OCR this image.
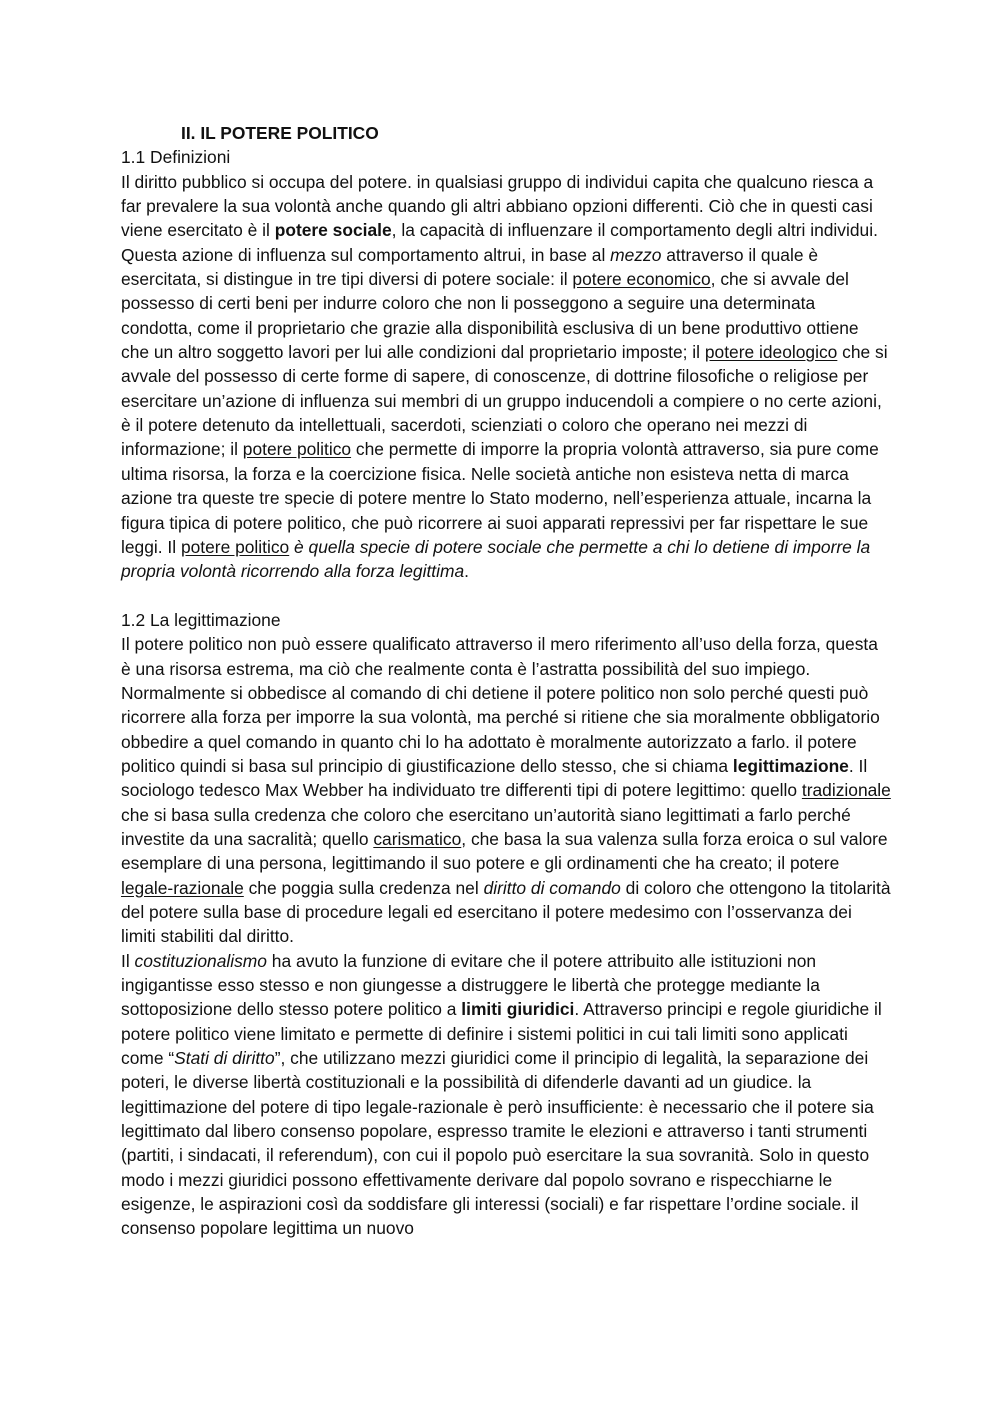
II. IL POTERE POLITICO
1.1 Definizioni

Il diritto pubblico si occupa del potere. in qualsiasi gruppo di individui capita che qualcuno riesca a far prevalere la sua volontà anche quando gli altri abbiano opzioni differenti. Ciò che in questi casi viene esercitato è il potere sociale, la capacità di influenzare il comportamento degli altri individui. Questa azione di influenza sul comportamento altrui, in base al mezzo attraverso il quale è esercitata, si distingue in tre tipi diversi di potere sociale: il potere economico, che si avvale del possesso di certi beni per indurre coloro che non li posseggono a seguire una determinata condotta, come il proprietario che grazie alla disponibilità esclusiva di un bene produttivo ottiene che un altro soggetto lavori per lui alle condizioni dal proprietario imposte; il potere ideologico che si avvale del possesso di certe forme di sapere, di conoscenze, di dottrine filosofiche o religiose per esercitare un’azione di influenza sui membri di un gruppo inducendoli a compiere o no certe azioni, è il potere detenuto da intellettuali, sacerdoti, scienziati o coloro che operano nei mezzi di informazione; il potere politico che permette di imporre la propria volontà attraverso, sia pure come ultima risorsa, la forza e la coercizione fisica. Nelle società antiche non esisteva netta di marca azione tra queste tre specie di potere mentre lo Stato moderno, nell’esperienza attuale, incarna la figura tipica di potere politico, che può ricorrere ai suoi apparati repressivi per far rispettare le sue leggi. Il potere politico è quella specie di potere sociale che permette a chi lo detiene di imporre la propria volontà ricorrendo alla forza legittima.

1.2 La legittimazione

Il potere politico non può essere qualificato attraverso il mero riferimento all’uso della forza, questa è una risorsa estrema, ma ciò che realmente conta è l’astratta possibilità del suo impiego. Normalmente si obbedisce al comando di chi detiene il potere politico non solo perché questi può ricorrere alla forza per imporre la sua volontà, ma perché si ritiene che sia moralmente obbligatorio obbedire a quel comando in quanto chi lo ha adottato è moralmente autorizzato a farlo. il potere politico quindi si basa sul principio di giustificazione dello stesso, che si chiama legittimazione. Il sociologo tedesco Max Webber ha individuato tre differenti tipi di potere legittimo: quello tradizionale che si basa sulla credenza che coloro che esercitano un’autorità siano legittimati a farlo perché investite da una sacralità; quello carismatico, che basa la sua valenza sulla forza eroica o sul valore esemplare di una persona, legittimando il suo potere e gli ordinamenti che ha creato; il potere legale-razionale che poggia sulla credenza nel diritto di comando di coloro che ottengono la titolarità del potere sulla base di procedure legali ed esercitano il potere medesimo con l’osservanza dei limiti stabiliti dal diritto.

Il costituzionalismo ha avuto la funzione di evitare che il potere attribuito alle istituzioni non ingigantisse esso stesso e non giungesse a distruggere le libertà che protegge mediante la sottoposizione dello stesso potere politico a limiti giuridici. Attraverso principi e regole giuridiche il potere politico viene limitato e permette di definire i sistemi politici in cui tali limiti sono applicati come “Stati di diritto”, che utilizzano mezzi giuridici come il principio di legalità, la separazione dei poteri, le diverse libertà costituzionali e la possibilità di difenderle davanti ad un giudice. la legittimazione del potere di tipo legale-razionale è però insufficiente: è necessario che il potere sia legittimato dal libero consenso popolare, espresso tramite le elezioni e attraverso i tanti strumenti (partiti, i sindacati, il referendum), con cui il popolo può esercitare la sua sovranità. Solo in questo modo i mezzi giuridici possono effettivamente derivare dal popolo sovrano e rispecchiarne le esigenze, le aspirazioni così da soddisfare gli interessi (sociali) e far rispettare l’ordine sociale. il consenso popolare legittima un nuovo
